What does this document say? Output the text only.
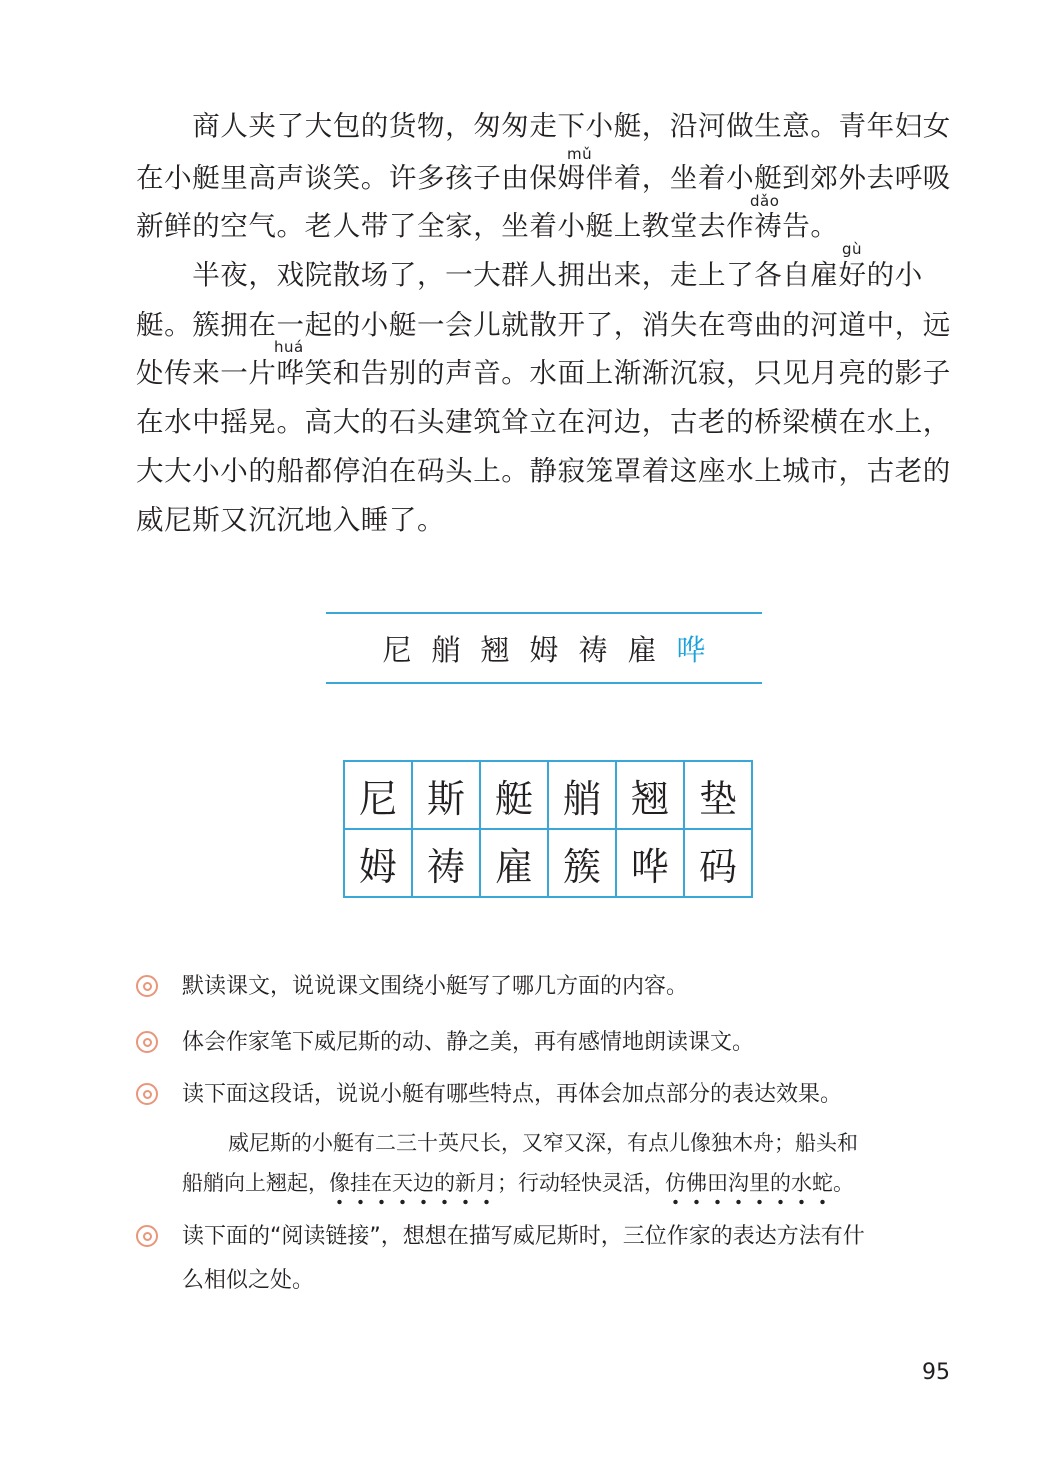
　　商人夹了大包的货物，匆匆走下小艇，沿河做生意。青年妇女
mǔ
在小艇里高声谈笑。许多孩子由保姆伴着，坐着小艇到郊外去呼吸
dǎo
新鲜的空气。老人带了全家，坐着小艇上教堂去作祷告。
gù
　　半夜，戏院散场了，一大群人拥出来，走上了各自雇好的小
艇。簇拥在一起的小艇一会儿就散开了，消失在弯曲的河道中，远
huá
处传来一片哗笑和告别的声音。水面上渐渐沉寂，只见月亮的影子
在水中摇晃。高大的石头建筑耸立在河边，古老的桥梁横在水上，
大大小小的船都停泊在码头上。静寂笼罩着这座水上城市，古老的
威尼斯又沉沉地入睡了。
尼 艄 翘 姆 祷 雇 哗
尼	斯	艇	艄	翘	垫
姆	祷	雇	簇	哗	码
默读课文，说说课文围绕小艇写了哪几方面的内容。
体会作家笔下威尼斯的动、静之美，再有感情地朗读课文。
读下面这段话，说说小艇有哪些特点，再体会加点部分的表达效果。
威尼斯的小艇有二三十英尺长，又窄又深，有点儿像独木舟；船头和
船艄向上翘起，像挂在天边的新月
；行动轻快灵活，仿佛田沟里的水蛇
。
读下面的“阅读链接”，想想在描写威尼斯时，三位作家的表达方法有什
么相似之处。
95
